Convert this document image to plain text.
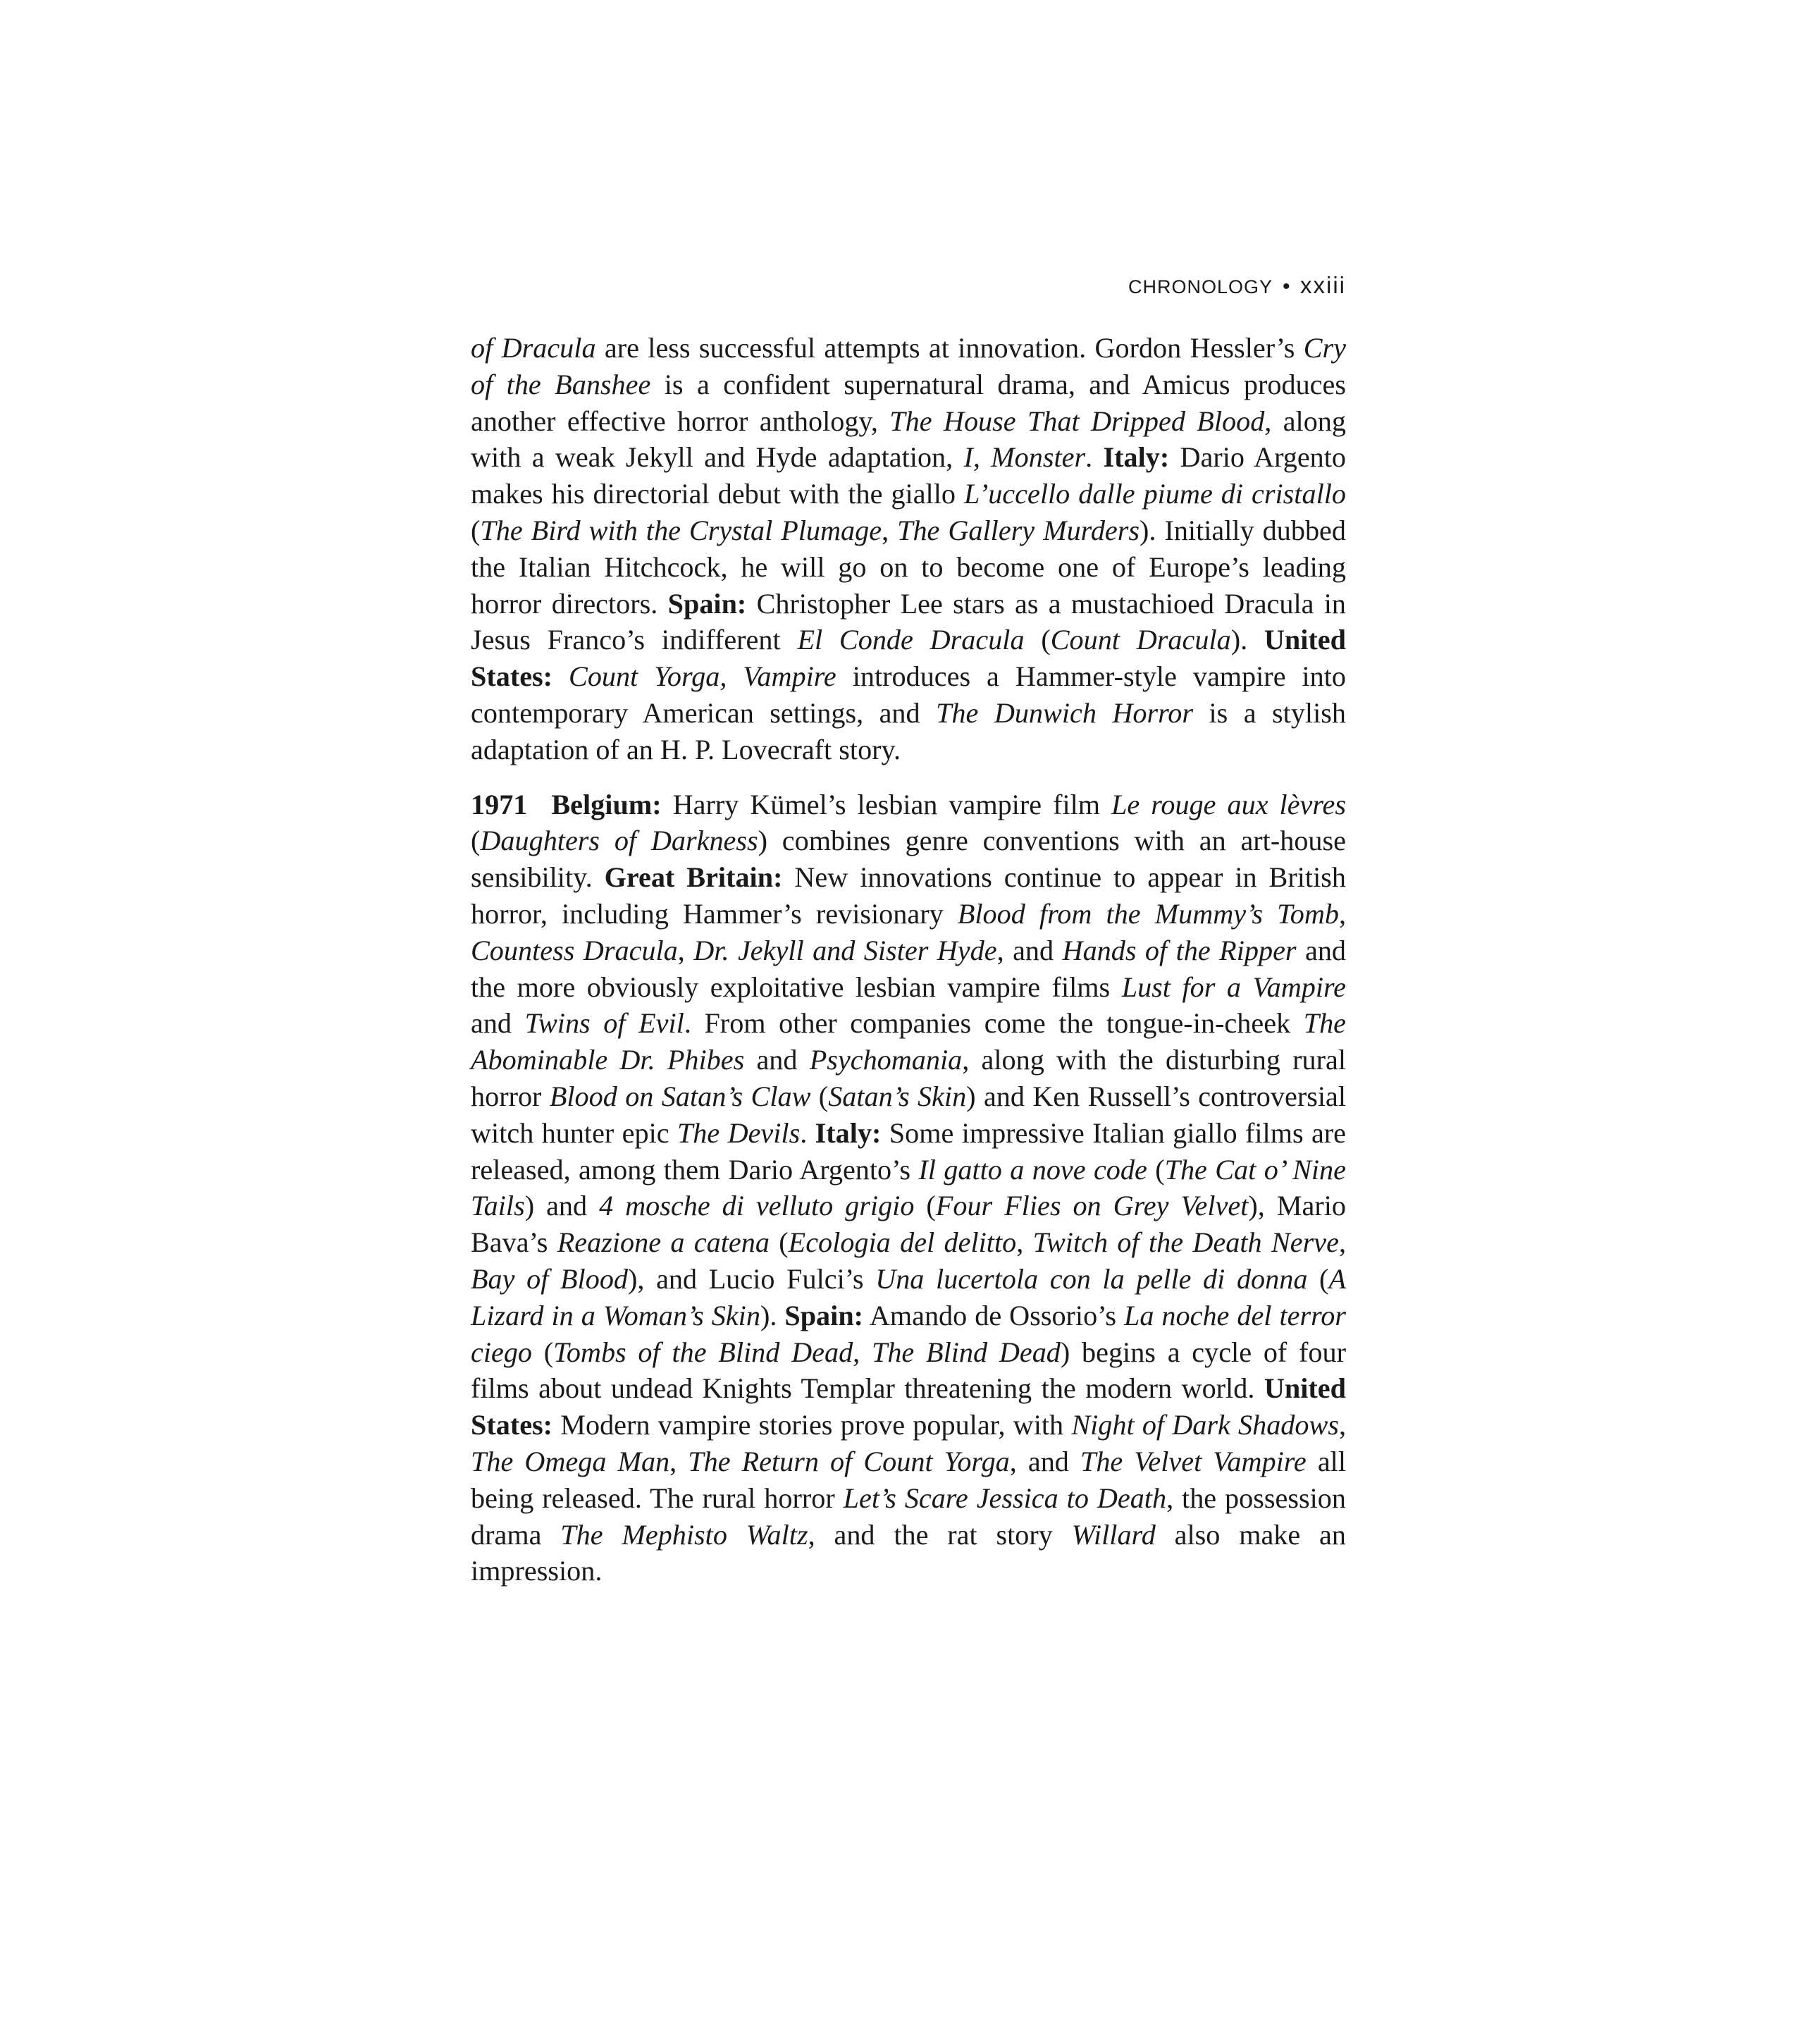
CHRONOLOGY • xxiii

of Dracula are less successful attempts at innovation. Gordon Hessler’s Cry of the Banshee is a confident supernatural drama, and Amicus produces another effective horror anthology, The House That Dripped Blood, along with a weak Jekyll and Hyde adaptation, I, Monster. Italy: Dario Argento makes his directorial debut with the giallo L’uccello dalle piume di cristallo (The Bird with the Crystal Plumage, The Gallery Murders). Initially dubbed the Italian Hitchcock, he will go on to become one of Europe’s leading horror directors. Spain: Christopher Lee stars as a mustachioed Dracula in Jesus Franco’s indifferent El Conde Dracula (Count Dracula). United States: Count Yorga, Vampire introduces a Hammer-style vampire into contemporary American settings, and The Dunwich Horror is a stylish adaptation of an H. P. Lovecraft story.

1971 Belgium: Harry Kümel’s lesbian vampire film Le rouge aux lèvres (Daughters of Darkness) combines genre conventions with an art-house sensibility. Great Britain: New innovations continue to appear in British horror, including Hammer’s revisionary Blood from the Mummy’s Tomb, Countess Dracula, Dr. Jekyll and Sister Hyde, and Hands of the Ripper and the more obviously exploitative lesbian vampire films Lust for a Vampire and Twins of Evil. From other companies come the tongue-in-cheek The Abominable Dr. Phibes and Psychomania, along with the disturbing rural horror Blood on Satan’s Claw (Satan’s Skin) and Ken Russell’s controversial witch hunter epic The Devils. Italy: Some impressive Italian giallo films are released, among them Dario Argento’s Il gatto a nove code (The Cat o’ Nine Tails) and 4 mosche di velluto grigio (Four Flies on Grey Velvet), Mario Bava’s Reazione a catena (Ecologia del delitto, Twitch of the Death Nerve, Bay of Blood), and Lucio Fulci’s Una lucertola con la pelle di donna (A Lizard in a Woman’s Skin). Spain: Amando de Ossorio’s La noche del terror ciego (Tombs of the Blind Dead, The Blind Dead) begins a cycle of four films about undead Knights Templar threatening the modern world. United States: Modern vampire stories prove popular, with Night of Dark Shadows, The Omega Man, The Return of Count Yorga, and The Velvet Vampire all being released. The rural horror Let’s Scare Jessica to Death, the possession drama The Mephisto Waltz, and the rat story Willard also make an impression.
